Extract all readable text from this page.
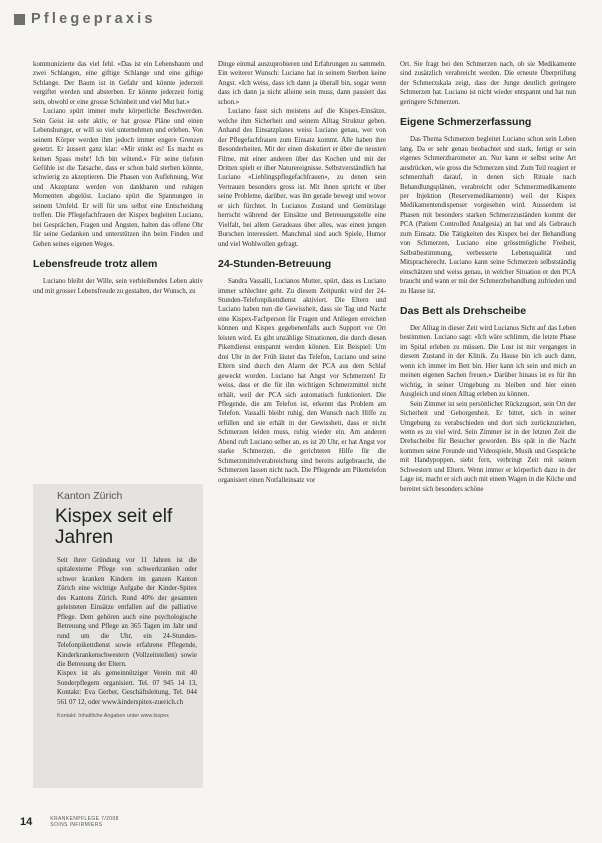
Pflegepraxis

kommunizierte das viel fehl. «Das ist ein Lebensbaum und zwei Schlangen, eine giftige Schlange und eine giftige Schlange. Der Baum ist in Gefahr und könnte jederzeit vergiftet werden und absterben. Er könnte jederzeit fortig sein, obwohl er eine grosse Schönheit und viel Mut hat.»

Luciano spürt immer mehr körperliche Beschwerden. Sein Geist ist sehr aktiv, er hat grosse Pläne und einen Lebenshunger, er will so viel unternehmen und erleben. Von seinem Körper werden ihm jedoch immer engere Grenzen gesetzt. Er äussert ganz klar: «Mir stinkt es! Es macht es keinen Spass mehr! Ich bin wütend.» Für seine tiefsten Gefühle ist die Tatsache, dass er schon bald sterben könnte, schwierig zu akzeptieren. Die Phasen von Auflehnung, Wut und Akzeptanz werden von dankbaren und ruhigen Momenten abgelöst. Luciano spürt die Spannungen in seinem Umfeld. Er will für uns selbst eine Entscheidung treffen. Die Pflegefachfrauen der Kispex begleiten Luciano, bei Gesprächen, Fragen und Ängsten, halten das offene Ohr für seine Gedanken und unterstützen ihn beim Finden und Gehen seines eigenen Weges.

Lebensfreude trotz allem

Luciano bleibt der Wille, sein verbleibendes Leben aktiv und mit grosser Lebensfreude zu gestalten, der Wunsch, zu

Kanton Zürich
Kispex seit elf Jahren

Seit ihrer Gründung vor 11 Jahren ist die spitalexterne Pflege von schwerkranken oder schwer kranken Kindern im ganzen Kanton Zürich eine wichtige Aufgabe der Kinder-Spitex des Kantons Zürich. Rund 40% der gesamten geleisteten Einsätze entfallen auf die palliative Pflege. Dem gehören auch eine psychologische Betreuung und Pflege an 365 Tagen im Jahr und rund um die Uhr, ein 24-Stunden-Telefonpikettdienst sowie erfahrene Pflegende, Kinderkrankenschwestern (Vollzeitstellen) sowie die Betreuung der Eltern.

Kispex ist als gemeinnütziger Verein mit 40 Sonderpflegern organisiert. Tel. 07 945 14 13, Kontakt: Eva Gerber, Geschäftsleitung, Tel. 044 561 07 12, oder www.kinderspitex-zuerich.ch

Kontakt: Inhaltliche Angaben unter www.kispex

Dinge einmal auszuprobieren und Erfahrungen zu sammeln. Ein weiterer Wunsch: Luciano hat in seinem Sterben keine Angst. «Ich weiss, dass ich dann ja überall bin, sogar wenn dass ich dann ja nicht alleine sein muss, dann passiert das schon.»

Luciano fasst sich meistens auf die Kispex-Einsätze, welche ihm Sicherheit und seinem Alltag Struktur geben. Anhand des Einsatzplanes weiss Luciano genau, wer von der Pflegefachfrauen zum Einsatz kommt. Alle haben ihre Besonderheiten. Mit der einen diskutiert er über die neusten Filme, mit einer anderen über das Kochen und mit der Dritten spielt er über Naturereignisse. Selbstverständlich hat Luciano «Lieblingspflegefachfrauen», zu denen sein Vertrauen besonders gross ist. Mit ihnen spricht er über seine Probleme, darüber, was ihn gerade bewegt und wovor er sich fürchtet. In Lucianos Zustand und Gemütslage herrscht während der Einsätze und Betreuungsstelle eine Vielfalt, bei allem Geradeaus über alles, was einen jungen Burschen interessiert. Manchmal sind auch Spiele, Humor und viel Wohlwollen gefragt.

24-Stunden-Betreuung

Sandra Vassalli, Lucianos Mutter, spürt, dass es Luciano immer schlechter geht. Zu diesem Zeitpunkt wird der 24-Stunden-Telefonpikettdienst aktiviert. Die Eltern und Luciano haben nun die Gewissheit, dass sie Tag und Nacht eine Kispex-Fachperson für Fragen und Anliegen erreichen können und Kispex gegebenenfalls auch Support vor Ort leisten wird. Es gibt unzählige Situationen, die durch diesen Pikettdienst entspannt werden können. Ein Beispiel: Um drei Uhr in der Früh läutet das Telefon, Luciano und seine Eltern sind durch den Alarm der PCA aus dem Schlaf geweckt worden. Luciano hat Angst vor Schmerzen! Er weiss, dass er die für ihn wichtigen Schmerzmittel nicht erhält, weil der PCA sich automatisch funktioniert. Die Pflegende, die am Telefon ist, erkennt das Problem am Telefon. Vassalli bleibt ruhig, den Wunsch nach Hilfe zu erfüllen und sie erhält in der Gewissheit, dass er nicht Schmerzen leiden muss, ruhig wieder ein. Am anderen Abend ruft Luciano selber an, es ist 20 Uhr, er hat Angst vor starke Schmerzen, die gerichteten Hilfe für die Schmerzmittelverabreichung sind bereits aufgebraucht, die Schmerzen lassen nicht nach. Die Pflegende am Pikettelefon organisiert einen Notfalleinsatz vor

Ort. Sie fragt bei den Schmerzen nach, ob sie Medikamente sind zusätzlich verabreicht werden. Die erneute Überprüfung der Schmerzskala zeigt, dass der Junge deutlich geringere Schmerzen hat. Luciano ist nicht wieder entspannt und hat nun geringere Schmerzen.

Eigene Schmerzerfassung

Das Thema Schmerzen begleitet Luciano schon sein Leben lang. Da er sehr genau beobachtet und stark, fertigt er sein eigenes Schmerzbarometer an. Nur kann er selbst seine Art ausdrücken, wie gross die Schmerzen sind. Zum Teil reagiert er schmerzhaft darauf, in denen sich Rituale nach Behandlungsplänen, verabreicht oder Schmerzmedikamente per Injektion (Reservemedikamente) weil der Kispex Medikamentendispenser vorgesehen wird. Ausserdem ist Phasen mit besonders starken Schmerzzuständen kommt der PCA (Patient Controlled Analgesia) an hat und als Gebrauch zum Einsatz. Die Tätigkeiten des Kispex bei der Behandlung von Schmerzen, Luciano eine grösstmögliche Freiheit, Selbstbestimmung, verbesserte Lebensqualität und Mitspracherecht. Luciano kann seine Schmerzen selbstständig einschätzen und weiss genau, in welcher Situation er den PCA braucht und wann er mit der Schmerzbehandlung zufrieden und zu Hause ist.

Das Bett als Drehscheibe

Der Alltag in dieser Zeit wird Lucianos Sicht auf das Leben bestimmen. Luciano sagt: «Ich wäre schlimm, die letzte Phase im Spital erleben zu müssen. Die Lust ist mir vergangen in diesem Zustand in der Klinik. Zu Hause bin ich auch dann, wenn ich immer im Bett bin. Hier kann ich sein und mich an meinen eigenen Sachen freuen.» Darüber hinaus ist es für ihn wichtig, in seiner Umgebung zu bleiben und hier einen Ausgleich und einen Alltag erleben zu können.

Sein Zimmer ist sein persönlicher Rückzugsort, sein Ort der Sicherheit und Geborgenheit. Er bittet, sich in seiner Umgebung zu verabschieden und dort sich zurückzuziehen, wenn es zu viel wird. Sein Zimmer ist in der letzten Zeit die Drehscheibe für Besucher geworden. Bis spät in die Nacht kommen seine Freunde und Videospiele, Musik und Gespräche mit Handypoppen, sieht fern, verbringt Zeit mit seinen Schwestern und Eltern. Wenn immer er körperlich dazu in der Lage ist, macht er sich auch mit einem Wagen in die Küche und bereitet sich besonders schöne

14	KRANKENPFLEGE 7/2008
SOINS INFIRMIERS
